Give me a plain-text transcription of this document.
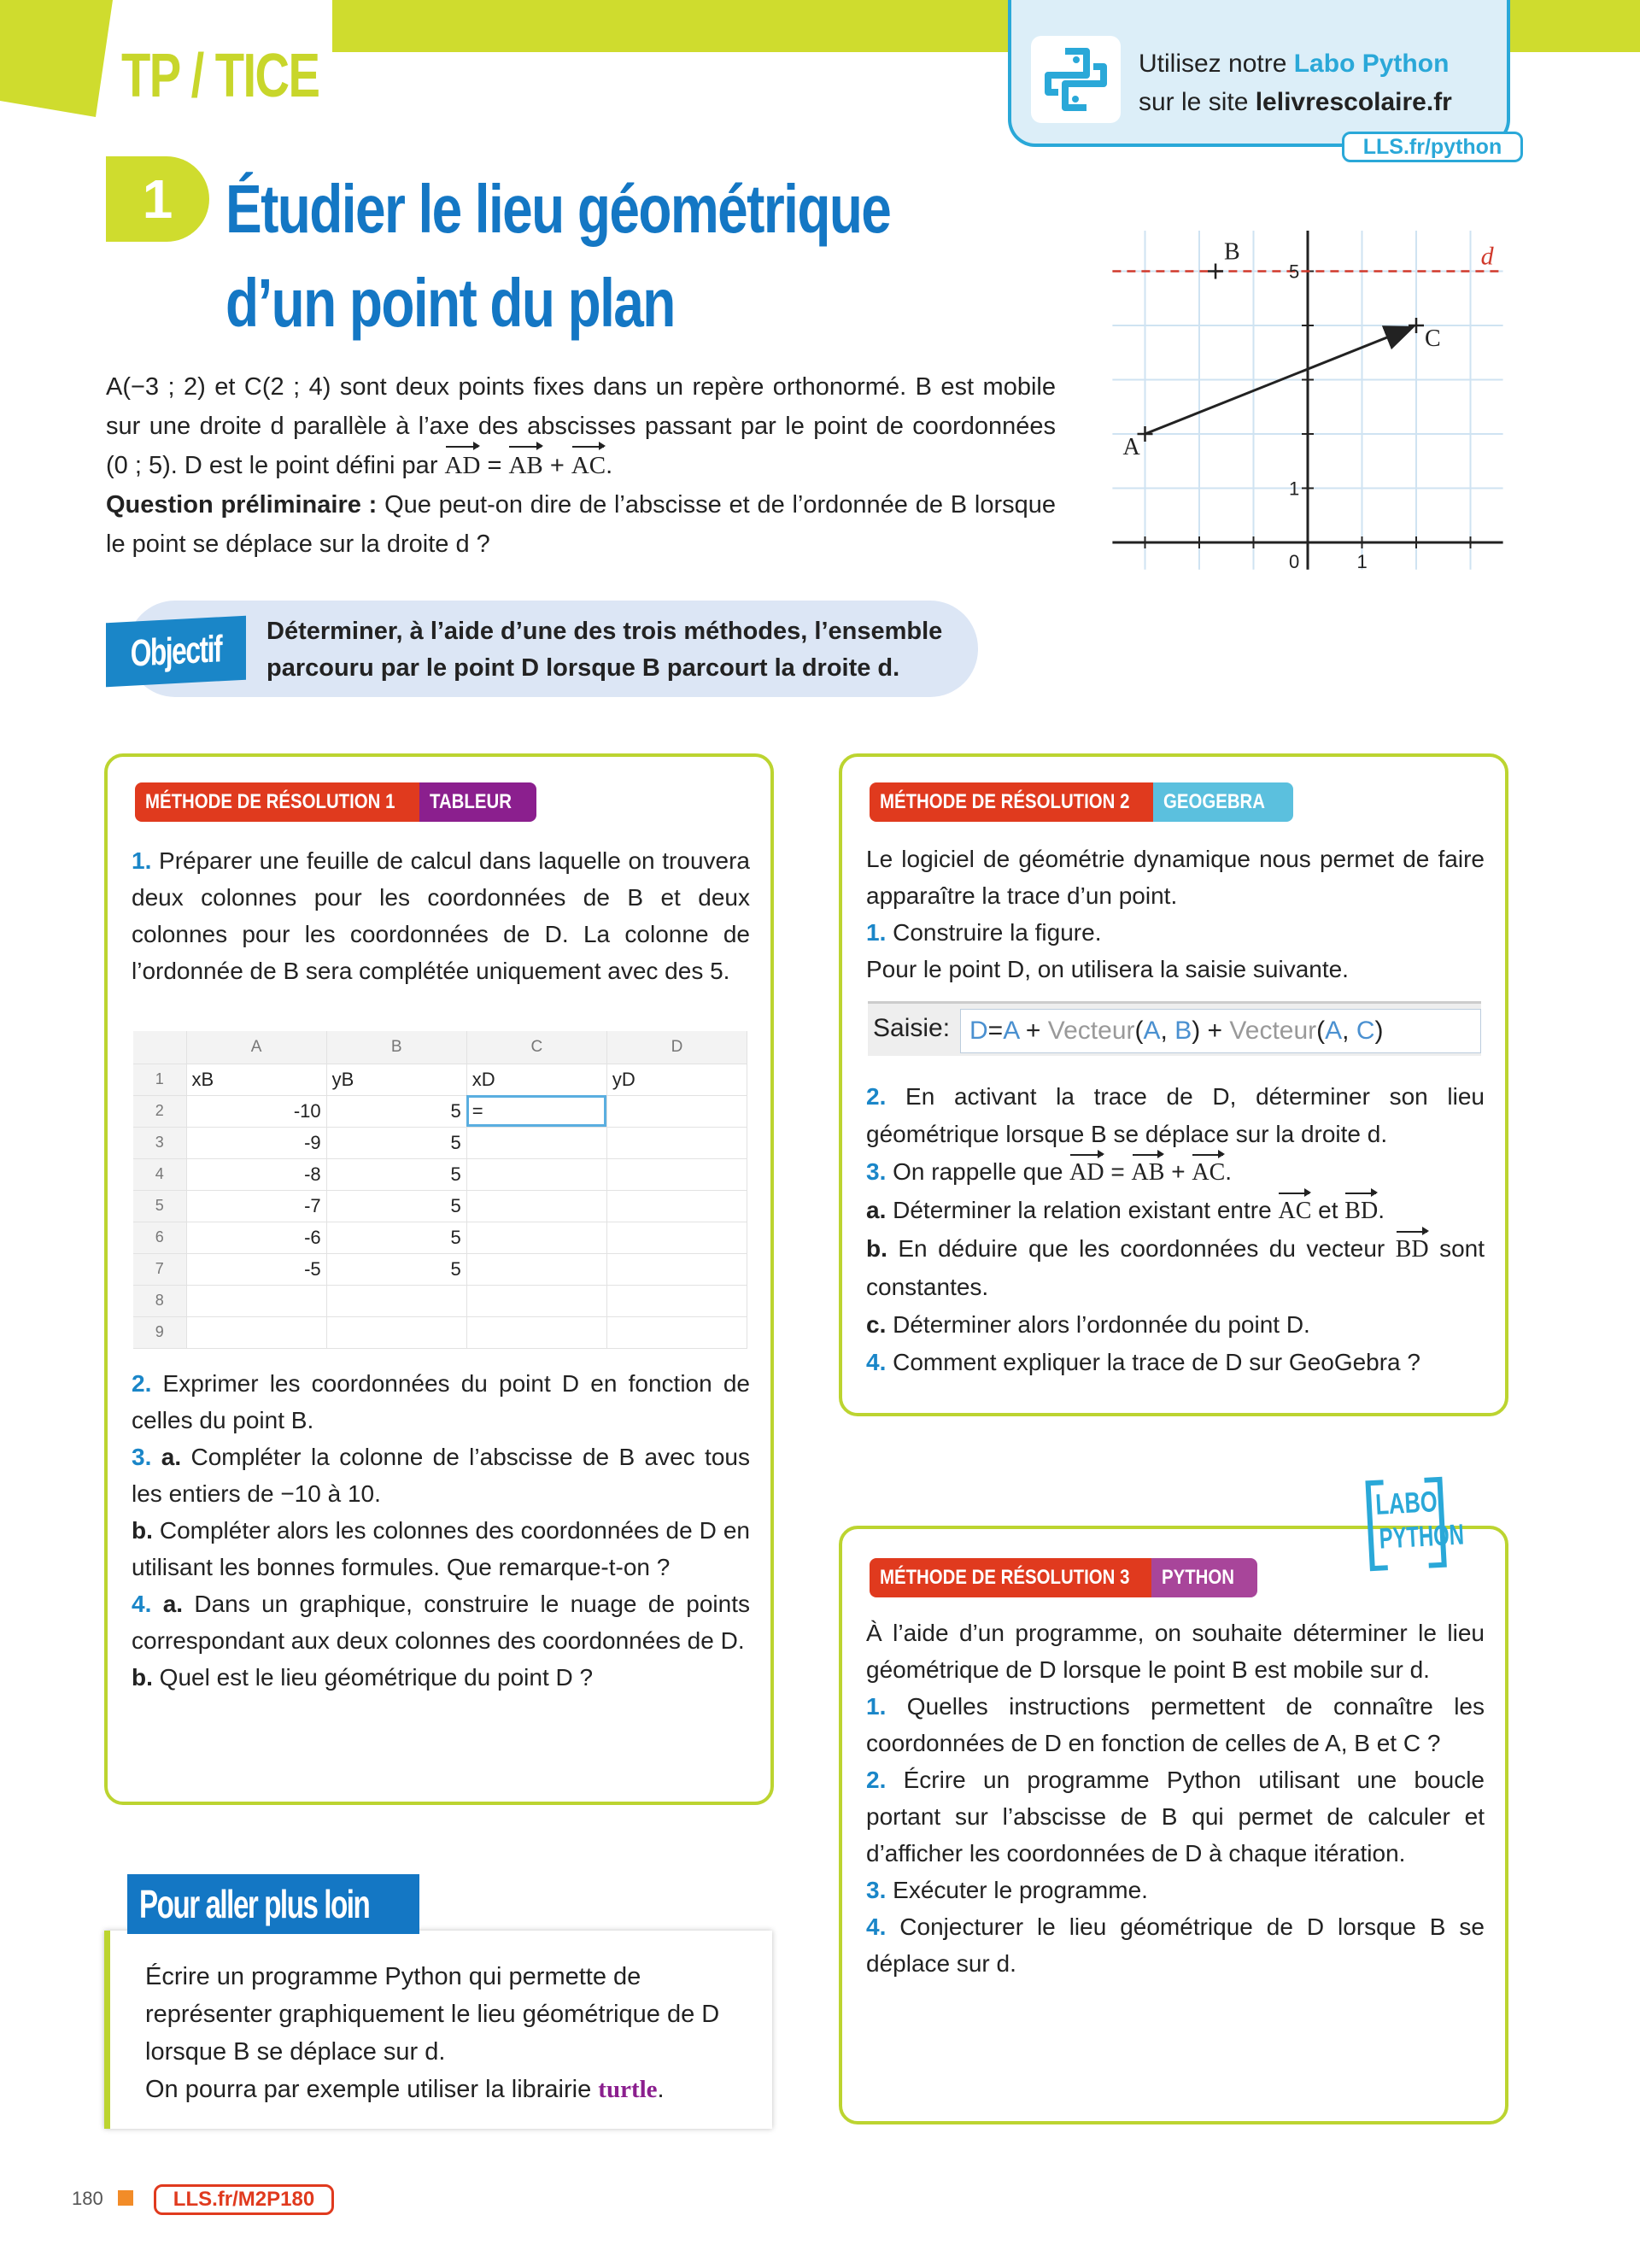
TP / TICE	Utilisez notre Labo Python
sur le site lelivrescolaire.fr
LLS.fr/python
1 Étudier le lieu géométrique
d’un point du plan
A(−3 ; 2) et C(2 ; 4) sont deux points fixes dans un repère orthonormé. B est mobile sur une droite d parallèle à l’axe des abscisses passant par le point de coordonnées (0 ; 5). D est le point défini par AD = AB + AC.
Question préliminaire : Que peut-on dire de l’abscisse et de l’ordonnée de B lorsque le point se déplace sur la droite d ?
d
0	1
1
5
A
B
C
Objectif	Déterminer, à l’aide d’une des trois méthodes, l’ensemble parcouru par le point D lorsque B parcourt la droite d.
MÉTHODE DE RÉSOLUTION 1	TABLEUR
1. Préparer une feuille de calcul dans laquelle on trouvera deux colonnes pour les coordonnées de B et deux colonnes pour les coordonnées de D. La colonne de l’ordonnée de B sera complétée uniquement avec des 5.

2. Exprimer les coordonnées du point D en fonction de celles du point B.

3. a. Compléter la colonne de l’abscisse de B avec tous les entiers de −10 à 10.

b. Compléter alors les colonnes des coordonnées de D en utilisant les bonnes formules. Que remarque-t-on ?

4. a. Dans un graphique, construire le nuage de points correspondant aux deux colonnes des coordonnées de D.

b. Quel est le lieu géométrique du point D ?

	A	B	C	D
1	xB	yB	xD	yD
2	-10	5	=	
3	-9	5		
4	-8	5		
5	-7	5		
6	-6	5		
7	-5	5		
8				
9				
MÉTHODE DE RÉSOLUTION 2	GEOGEBRA

Le logiciel de géométrie dynamique nous permet de faire apparaître la trace d’un point.

1. Construire la figure.

Pour le point D, on utilisera la saisie suivante.

2. En activant la trace de D, déterminer son lieu géométrique lorsque B se déplace sur la droite d.

3. On rappelle que AD = AB + AC.

a. Déterminer la relation existant entre AC et BD.

b. En déduire que les coordonnées du vecteur BD sont constantes.

c. Déterminer alors l’ordonnée du point D.

4. Comment expliquer la trace de D sur GeoGebra ?

Saisie: D=A + Vecteur(A, B) + Vecteur(A, C)
MÉTHODE DE RÉSOLUTION 3	PYTHON

À l’aide d’un programme, on souhaite déterminer le lieu géométrique de D lorsque le point B est mobile sur d.

1. Quelles instructions permettent de connaître les coordonnées de D en fonction de celles de A, B et C ?

2. Écrire un programme Python utilisant une boucle portant sur l’abscisse de B qui permet de calculer et d’afficher les coordonnées de D à chaque itération.

3. Exécuter le programme.

4. Conjecturer le lieu géométrique de D lorsque B se déplace sur d.

LABO
PYTHON
Pour aller plus loin
Écrire un programme Python qui permette de représenter graphiquement le lieu géométrique de D lorsque B se déplace sur d.
On pourra par exemple utiliser la librairie turtle.
180	LLS.fr/M2P180
